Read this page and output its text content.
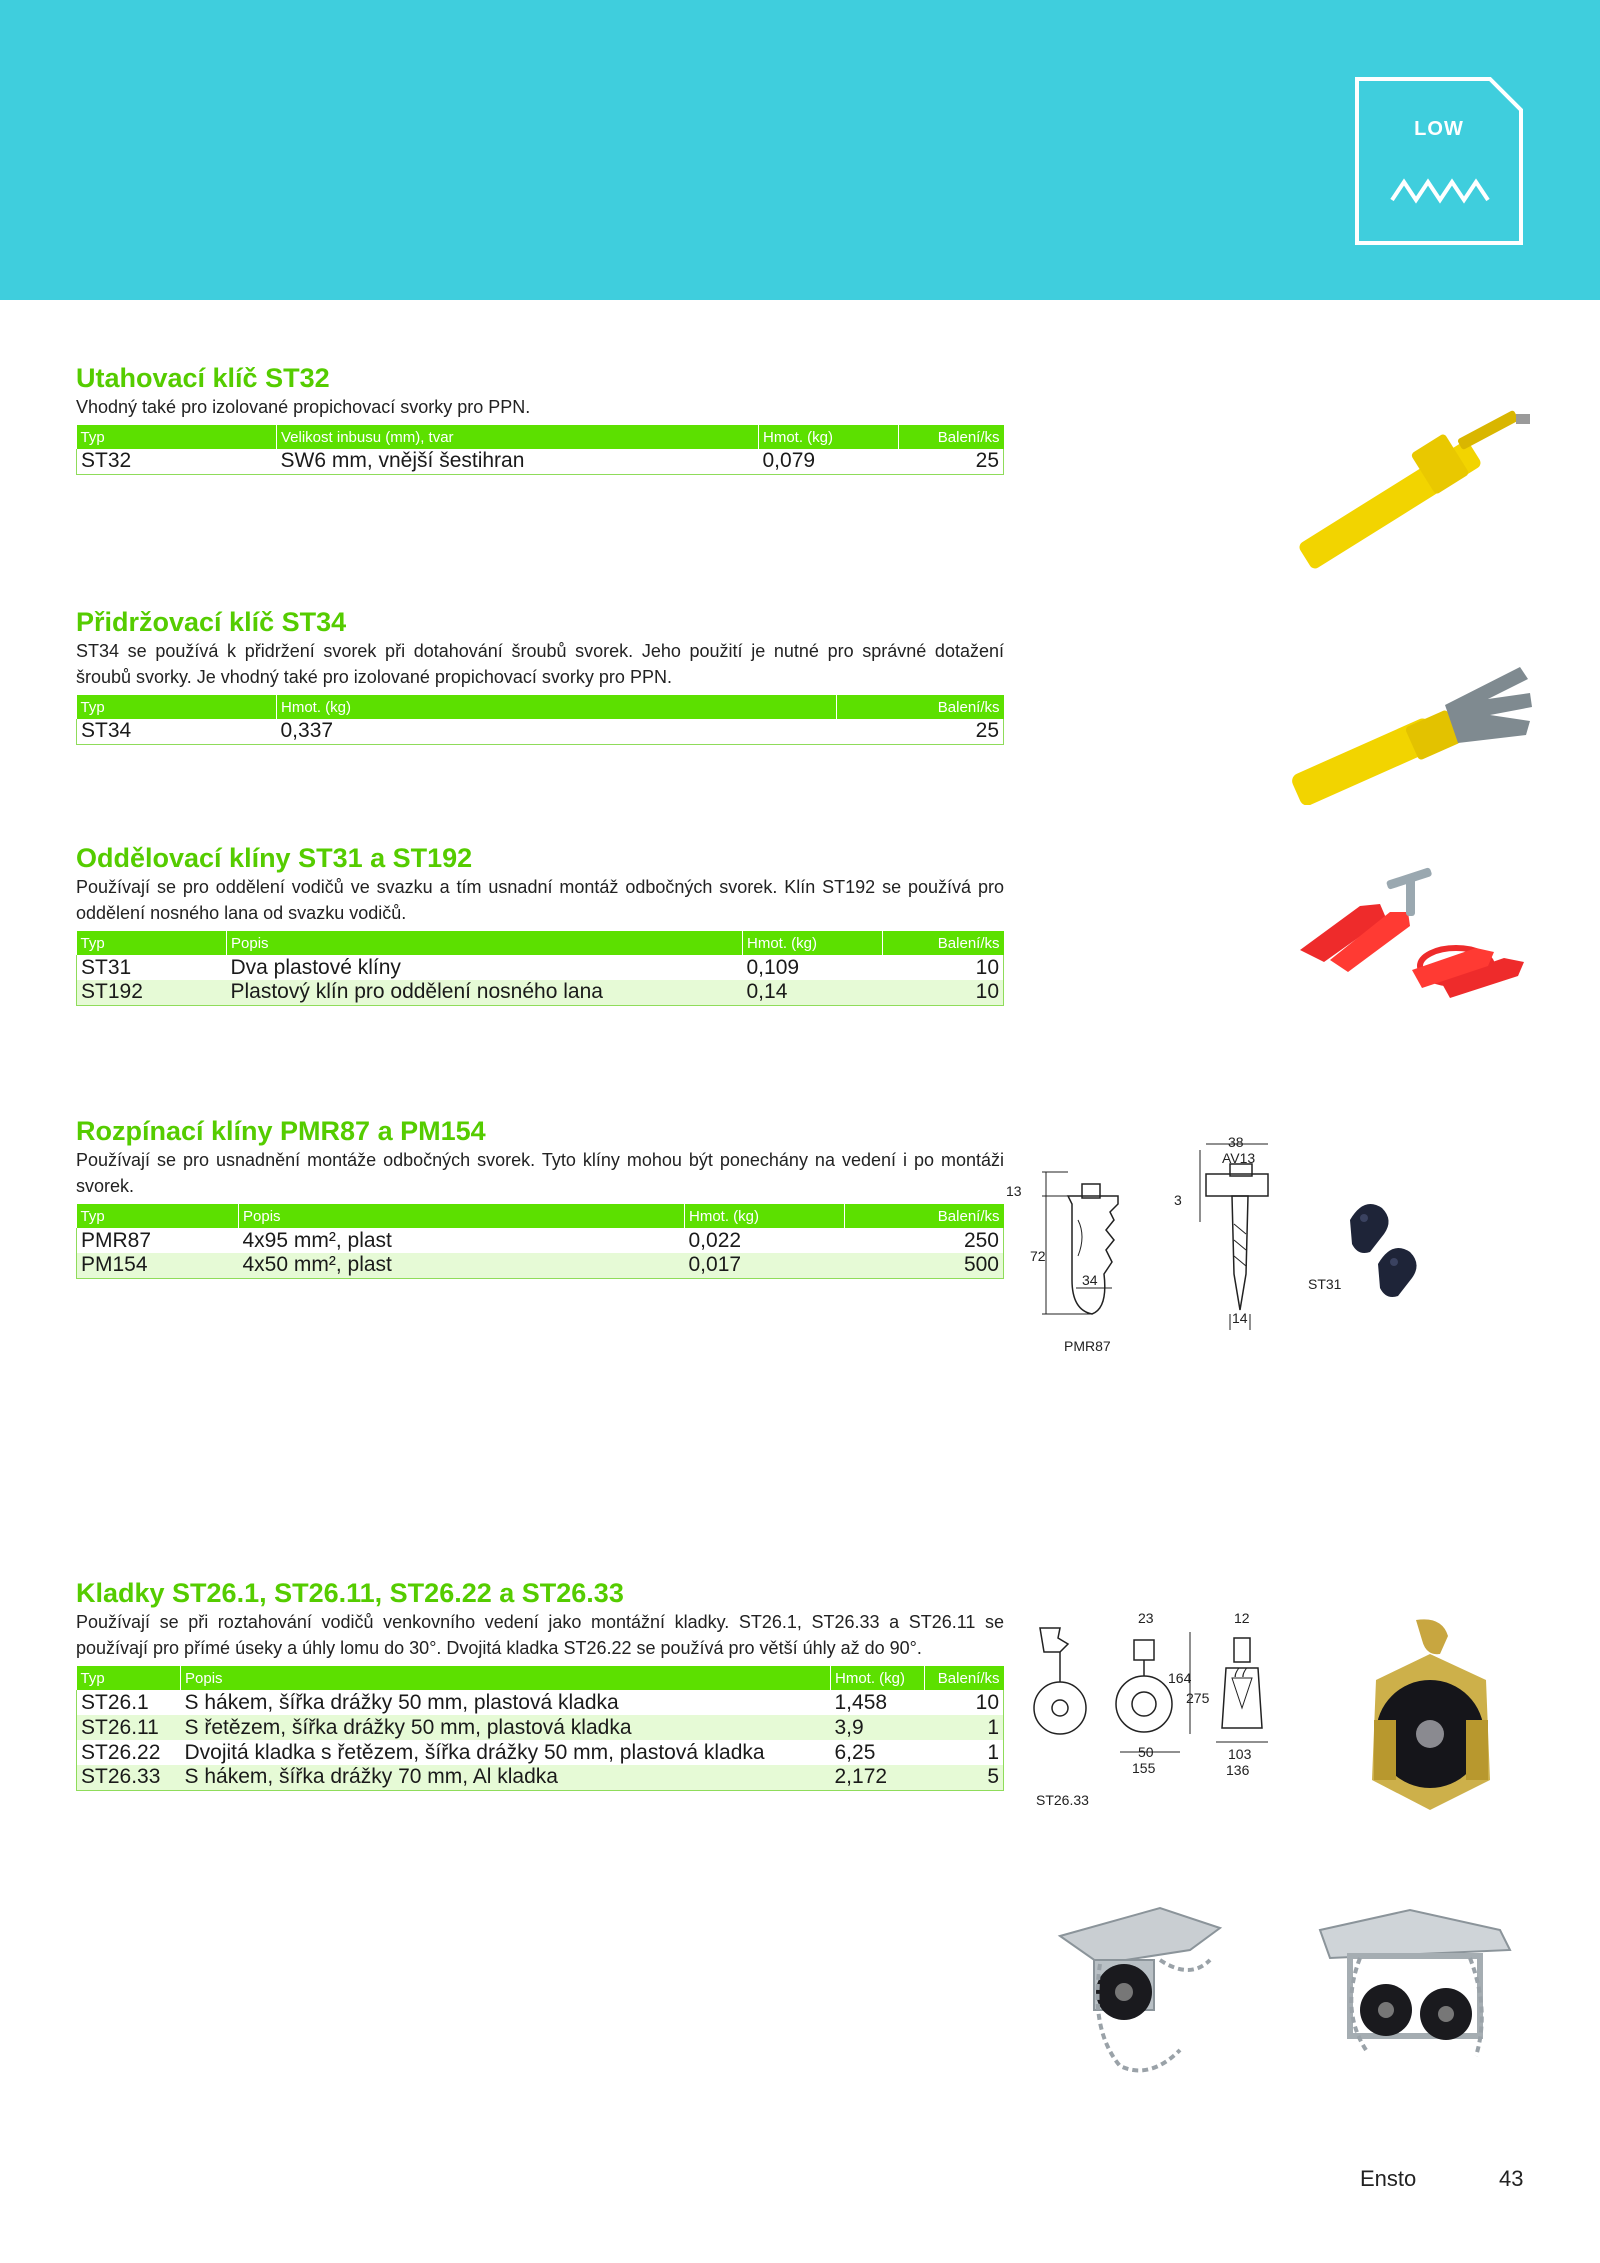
LOW
Utahovací klíč ST32
Vhodný také pro izolované propichovací svorky pro PPN.
Typ	Velikost inbusu (mm), tvar	Hmot. (kg)	Balení/ks
ST32	SW6 mm, vnější šestihran	0,079	25
Přidržovací klíč ST34
ST34 se používá k přidržení svorek při dotahování šroubů svorek. Jeho použití je nutné pro správné dotažení šroubů svorky. Je vhodný také pro izolované propichovací svorky pro PPN.
Typ	Hmot. (kg)	Balení/ks
ST34	0,337	25
Oddělovací klíny ST31 a ST192
Používají se pro oddělení vodičů ve svazku a tím usnadní montáž odbočných svorek. Klín ST192 se používá pro oddělení nosného lana od svazku vodičů.
Typ	Popis	Hmot. (kg)	Balení/ks
ST31	Dva plastové klíny	0,109	10
ST192	Plastový klín pro oddělení nosného lana	0,14	10
Rozpínací klíny PMR87 a PM154
Používají se pro usnadnění montáže odbočných svorek. Tyto klíny mohou být ponechány na vedení i po montáži svorek.
Typ	Popis	Hmot. (kg)	Balení/ks
PMR87	4x95 mm², plast	0,022	250
PM154	4x50 mm², plast	0,017	500
Kladky ST26.1, ST26.11, ST26.22 a ST26.33
Používají se při roztahování vodičů venkovního vedení jako montážní kladky. ST26.1, ST26.33 a ST26.11 se používají pro přímé úseky a úhly lomu do 30°. Dvojitá kladka ST26.22 se používá pro větší úhly až do 90°.
Typ	Popis	Hmot. (kg)	Balení/ks
ST26.1	S hákem, šířka drážky 50 mm, plastová kladka	1,458	10
ST26.11	S řetězem, šířka drážky 50 mm, plastová kladka	3,9	1
ST26.22	Dvojitá kladka s řetězem, šířka drážky 50 mm, plastová kladka	6,25	1
ST26.33	S hákem, šířka drážky 70 mm, Al kladka	2,172	5
13
72
34
PMR87
38
AV13
3
14
ST31
23
164
275
50
155
12
77
103
136
ST26.33
Ensto	43
